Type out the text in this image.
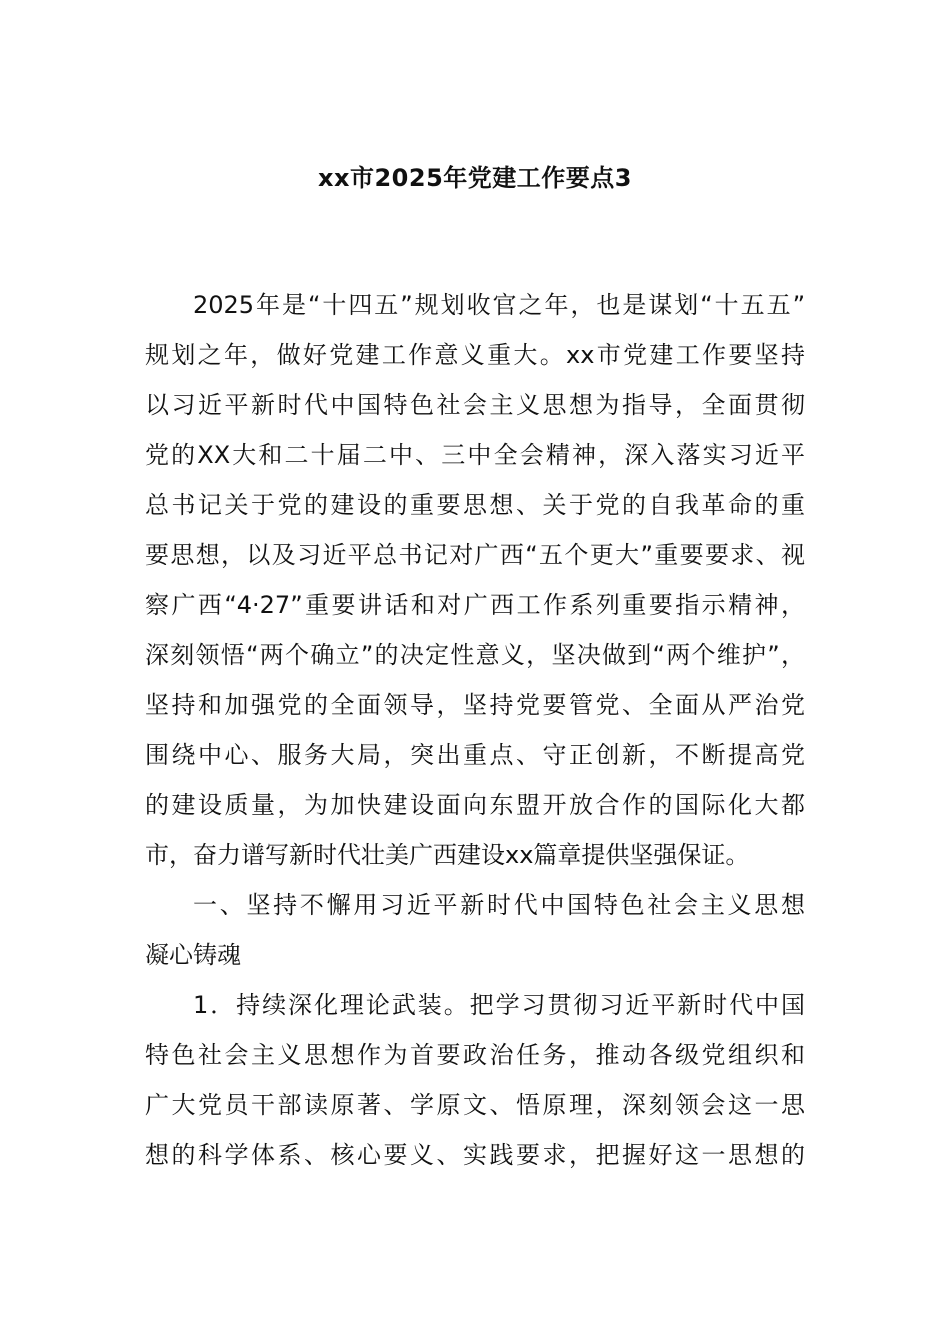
xx市2025年党建工作要点3
2025年是“十四五”规划收官之年，也是谋划“十五五”
规划之年，做好党建工作意义重大。xx市党建工作要坚持
以习近平新时代中国特色社会主义思想为指导，全面贯彻
党的XX大和二十届二中、三中全会精神，深入落实习近平
总书记关于党的建设的重要思想、关于党的自我革命的重
要思想，以及习近平总书记对广西“五个更大”重要要求、视
察广西“4·27”重要讲话和对广西工作系列重要指示精神，
深刻领悟“两个确立”的决定性意义，坚决做到“两个维护”，
坚持和加强党的全面领导，坚持党要管党、全面从严治党
围绕中心、服务大局，突出重点、守正创新，不断提高党
的建设质量，为加快建设面向东盟开放合作的国际化大都
市，奋力谱写新时代壮美广西建设xx篇章提供坚强保证。
一、坚持不懈用习近平新时代中国特色社会主义思想
凝心铸魂
1．持续深化理论武装。把学习贯彻习近平新时代中国
特色社会主义思想作为首要政治任务，推动各级党组织和
广大党员干部读原著、学原文、悟原理，深刻领会这一思
想的科学体系、核心要义、实践要求，把握好这一思想的
